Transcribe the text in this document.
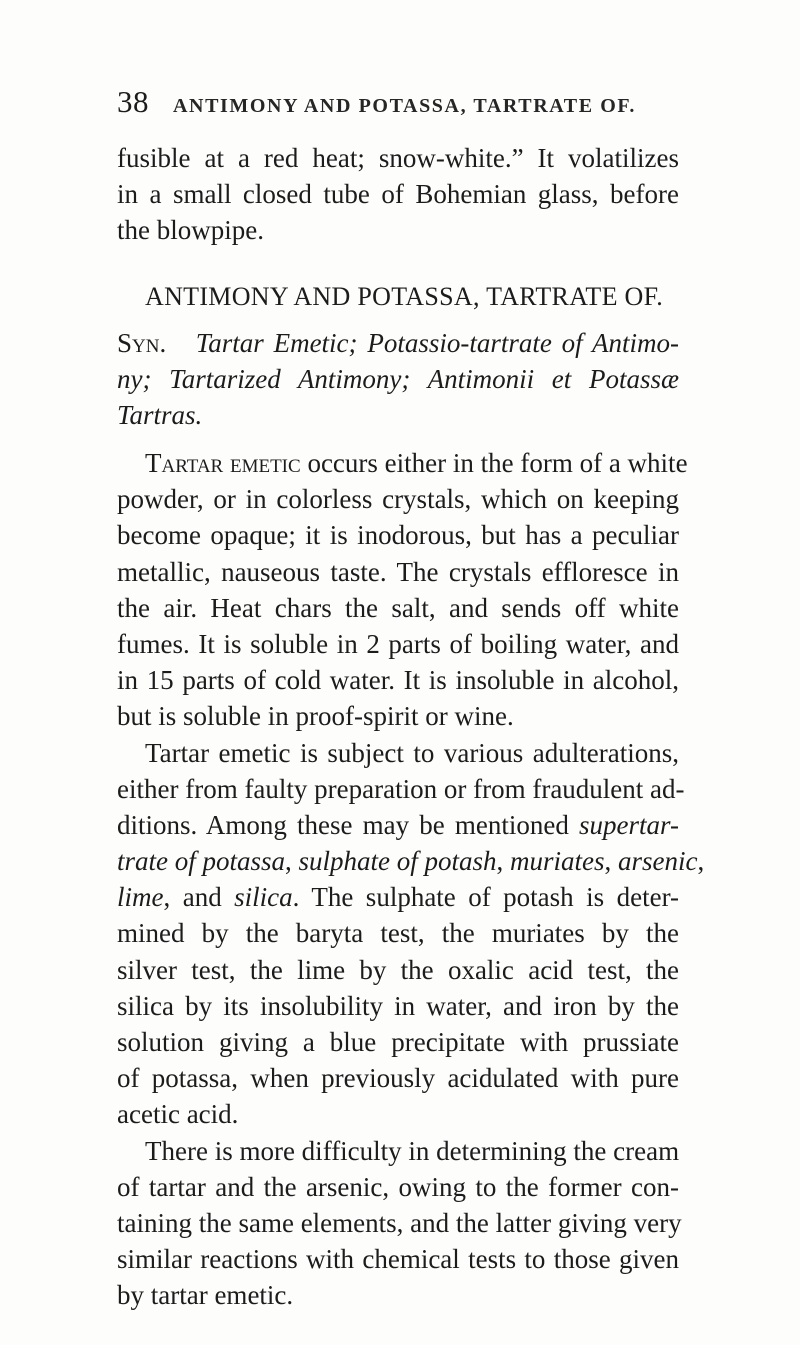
38 ANTIMONY AND POTASSA, TARTRATE OF.
fusible at a red heat; snow-white.” It volatilizes
in a small closed tube of Bohemian glass, before
the blowpipe.
ANTIMONY AND POTASSA, TARTRATE OF.
Syn. Tartar Emetic; Potassio-tartrate of Antimo-
ny; Tartarized Antimony; Antimonii et Potassæ
Tartras.
Tartar emetic occurs either in the form of a white
powder, or in colorless crystals, which on keeping
become opaque; it is inodorous, but has a peculiar
metallic, nauseous taste. The crystals effloresce in
the air. Heat chars the salt, and sends off white
fumes. It is soluble in 2 parts of boiling water, and
in 15 parts of cold water. It is insoluble in alcohol,
but is soluble in proof-spirit or wine.
Tartar emetic is subject to various adulterations,
either from faulty preparation or from fraudulent ad-
ditions. Among these may be mentioned supertar-
trate of potassa, sulphate of potash, muriates, arsenic,
lime, and silica. The sulphate of potash is deter-
mined by the baryta test, the muriates by the
silver test, the lime by the oxalic acid test, the
silica by its insolubility in water, and iron by the
solution giving a blue precipitate with prussiate
of potassa, when previously acidulated with pure
acetic acid.
There is more difficulty in determining the cream
of tartar and the arsenic, owing to the former con-
taining the same elements, and the latter giving very
similar reactions with chemical tests to those given
by tartar emetic.
